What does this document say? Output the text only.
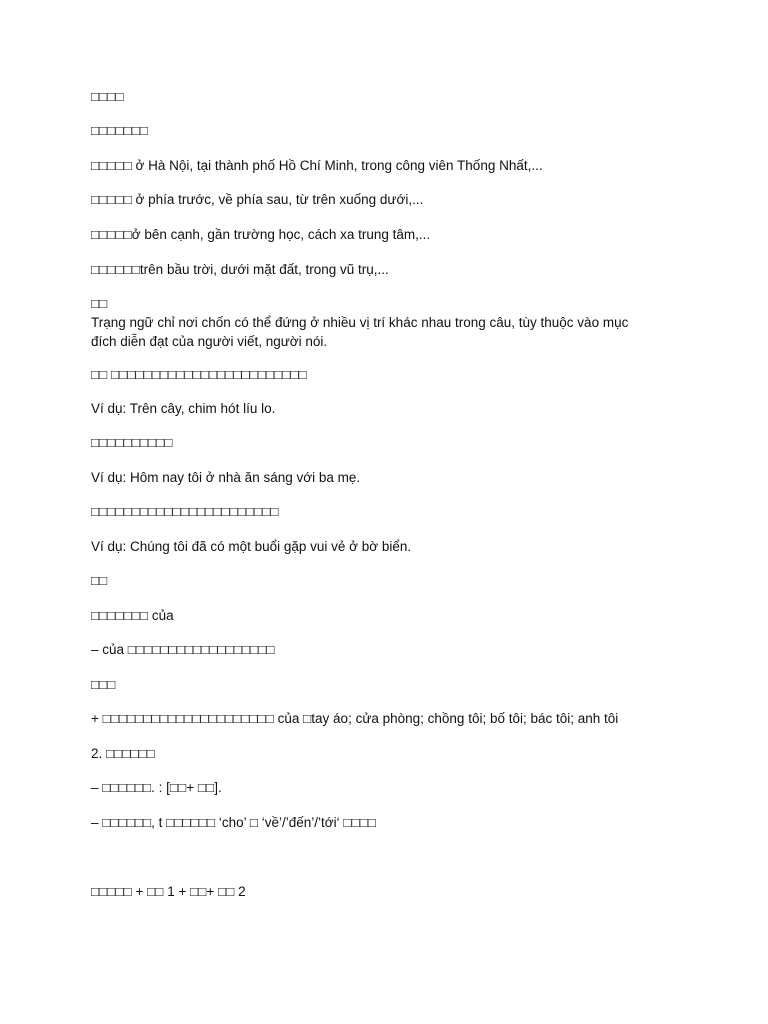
□□□□
□□□□□□□
□□□□□ ở Hà Nội, tại thành phố Hồ Chí Minh, trong công viên Thống Nhất,...
□□□□□ ở phía trước, về phía sau, từ trên xuống dưới,...
□□□□□ở bên cạnh, gần trường học, cách xa trung tâm,...
□□□□□□trên bầu trời, dưới mặt đất, trong vũ trụ,...
□□
Trạng ngữ chỉ nơi chốn có thể đứng ở nhiều vị trí khác nhau trong câu, tùy thuộc vào mục đích diễn đạt của người viết, người nói.
□□ □□□□□□□□□□□□□□□□□□□□□□□□
Ví dụ: Trên cây, chim hót líu lo.
□□□□□□□□□□
Ví dụ: Hôm nay tôi ở nhà ăn sáng với ba mẹ.
□□□□□□□□□□□□□□□□□□□□□□□
Ví dụ: Chúng tôi đã có một buổi gặp vui vẻ ở bờ biển.
□□
□□□□□□□ của
– của □□□□□□□□□□□□□□□□□□
□□□
+ □□□□□□□□□□□□□□□□□□□□□ của □tay áo; cửa phòng; chồng tôi; bố tôi; bác tôi; anh tôi
2. □□□□□□
– □□□□□□. : [□□+ □□].
– □□□□□□, t □□□□□□ ‘cho’ □ ‘về’/’đến’/’tới‘ □□□□
□□□□□ + □□ 1 + □□+ □□ 2
